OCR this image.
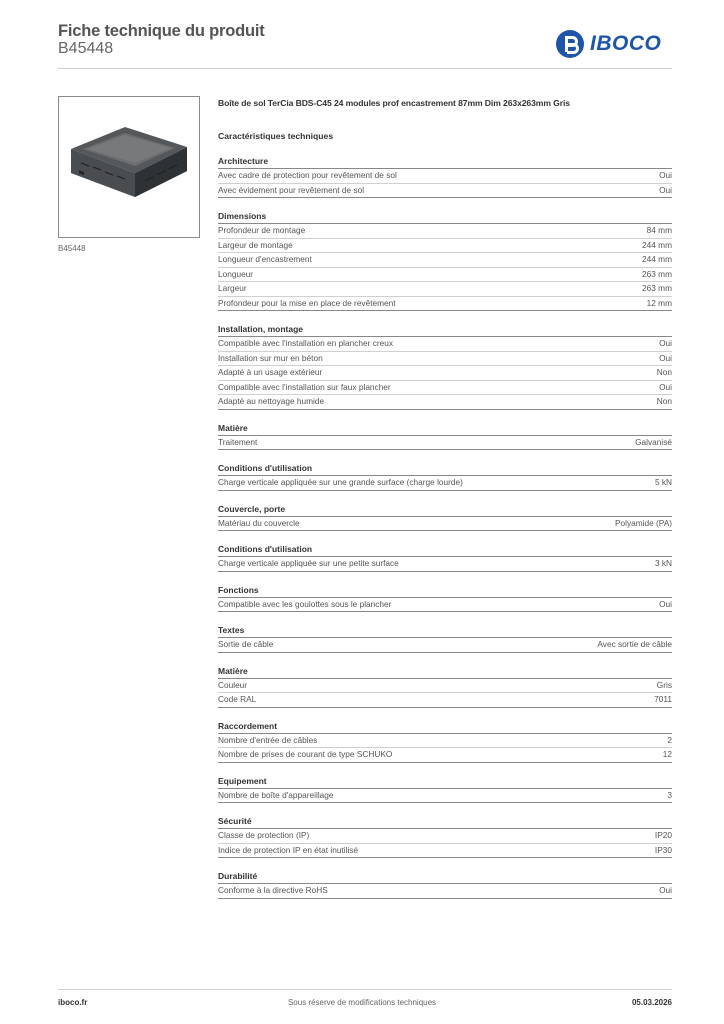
Fiche technique du produit
B45448	IBOCO
B45448
Boîte de sol TerCia BDS-C45 24 modules prof encastrement 87mm Dim 263x263mm Gris
Caractéristiques techniques
Architecture
Avec cadre de protection pour revêtement de sol	Oui
Avec évidement pour revêtement de sol	Oui
Dimensions
Profondeur de montage	84 mm
Largeur de montage	244 mm
Longueur d'encastrement	244 mm
Longueur	263 mm
Largeur	263 mm
Profondeur pour la mise en place de revêtement	12 mm
Installation, montage
Compatible avec l'installation en plancher creux	Oui
Installation sur mur en béton	Oui
Adapté à un usage extérieur	Non
Compatible avec l'installation sur faux plancher	Oui
Adapté au nettoyage humide	Non
Matière
Traitement	Galvanisé
Conditions d'utilisation
Charge verticale appliquée sur une grande surface (charge lourde)	5 kN
Couvercle, porte
Matériau du couvercle	Polyamide (PA)
Conditions d'utilisation
Charge verticale appliquée sur une petite surface	3 kN
Fonctions
Compatible avec les goulottes sous le plancher	Oui
Textes
Sortie de câble	Avec sortie de câble
Matière
Couleur	Gris
Code RAL	7011
Raccordement
Nombre d'entrée de câbles	2
Nombre de prises de courant de type SCHUKO	12
Equipement
Nombre de boîte d'appareillage	3
Sécurité
Classe de protection (IP)	IP20
Indice de protection IP en état inutilisé	IP30
Durabilité
Conforme à la directive RoHS	Oui
iboco.fr	Sous réserve de modifications techniques	05.03.2026
